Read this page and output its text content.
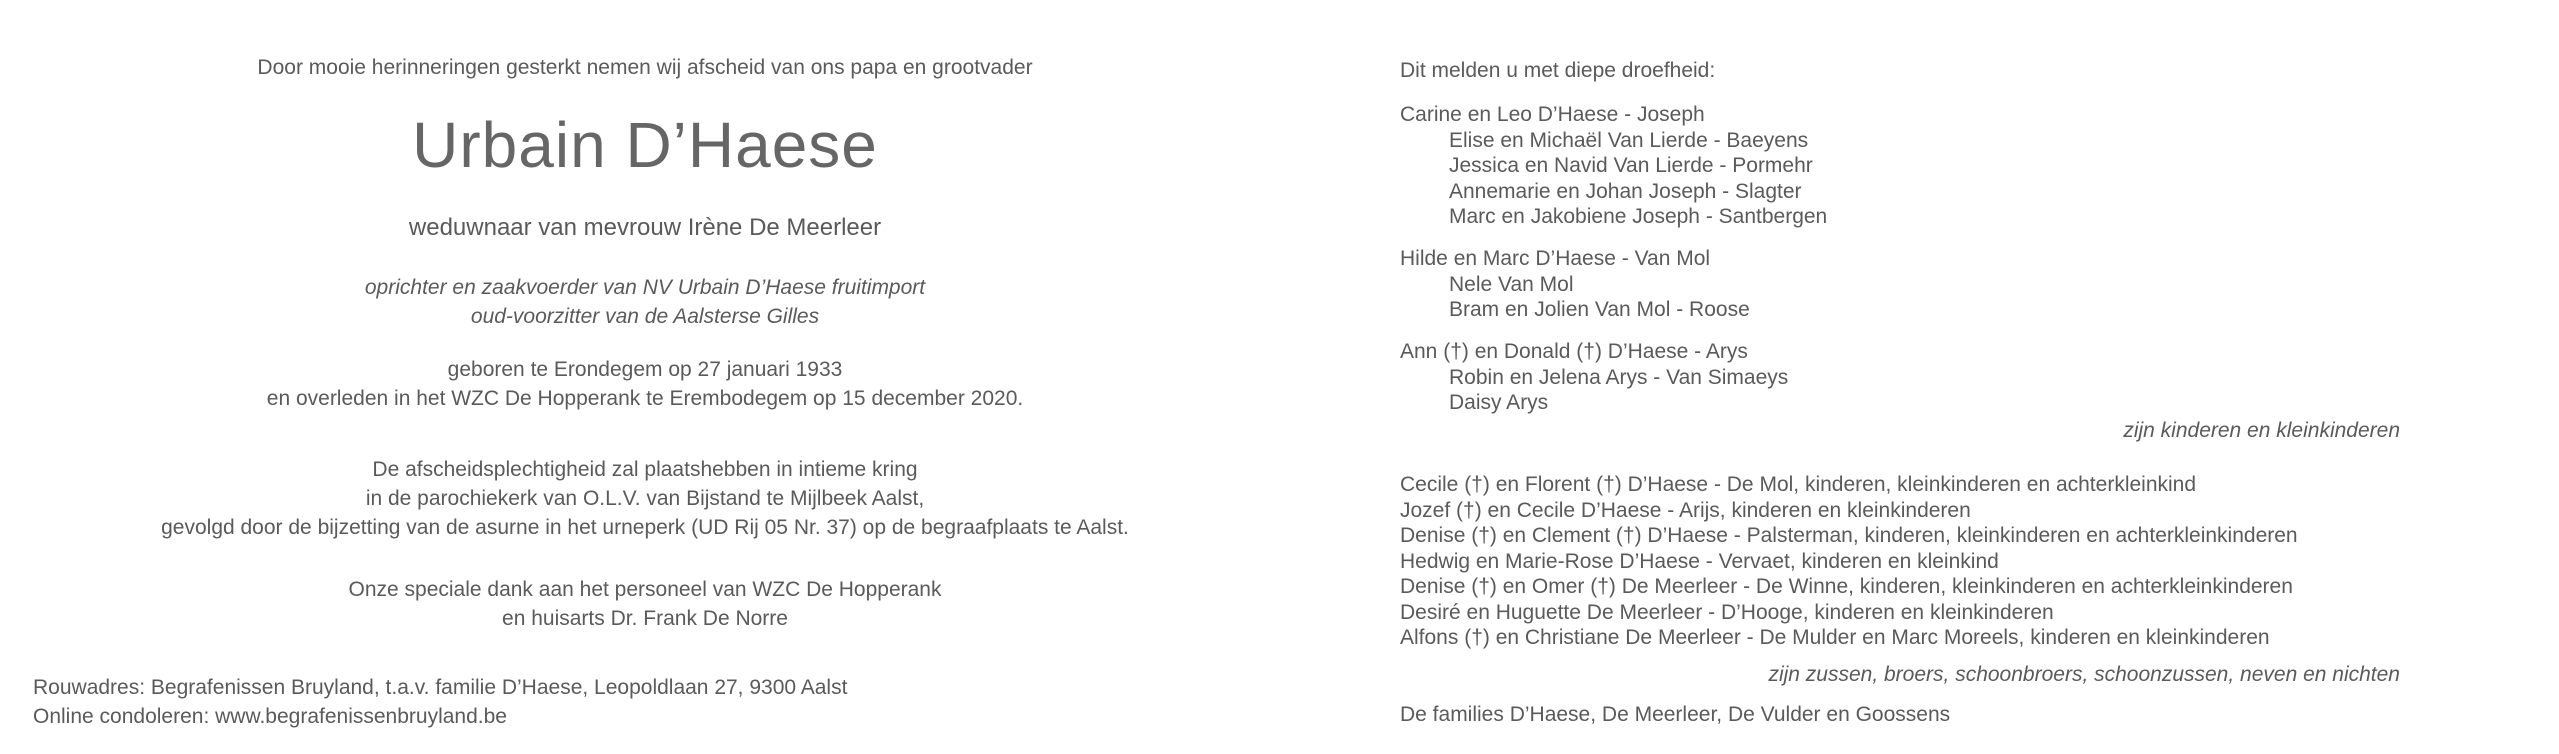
Door mooie herinneringen gesterkt nemen wij afscheid van ons papa en grootvader
Urbain D’Haese
weduwnaar van mevrouw Irène De Meerleer
oprichter en zaakvoerder van NV Urbain D’Haese fruitimport
oud-voorzitter van de Aalsterse Gilles
geboren te Erondegem op 27 januari 1933
en overleden in het WZC De Hopperank te Erembodegem op 15 december 2020.
De afscheidsplechtigheid zal plaatshebben in intieme kring
in de parochiekerk van O.L.V. van Bijstand te Mijlbeek Aalst,
gevolgd door de bijzetting van de asurne in het urneperk (UD Rij 05 Nr. 37) op de begraafplaats te Aalst.
Onze speciale dank aan het personeel van WZC De Hopperank
en huisarts Dr. Frank De Norre
Rouwadres: Begrafenissen Bruyland, t.a.v. familie D’Haese, Leopoldlaan 27, 9300 Aalst
Online condoleren: www.begrafenissenbruyland.be
Dit melden u met diepe droefheid:
Carine en Leo D’Haese - Joseph
Elise en Michaël Van Lierde - Baeyens
Jessica en Navid Van Lierde - Pormehr
Annemarie en Johan Joseph - Slagter
Marc en Jakobiene Joseph - Santbergen
Hilde en Marc D’Haese - Van Mol
Nele Van Mol
Bram en Jolien Van Mol - Roose
Ann (†) en Donald (†) D’Haese - Arys
Robin en Jelena Arys - Van Simaeys
Daisy Arys
zijn kinderen en kleinkinderen
Cecile (†) en Florent (†) D’Haese - De Mol, kinderen, kleinkinderen en achterkleinkind
Jozef (†) en Cecile D’Haese - Arijs, kinderen en kleinkinderen
Denise (†) en Clement (†) D’Haese - Palsterman, kinderen, kleinkinderen en achterkleinkinderen
Hedwig en Marie-Rose D’Haese - Vervaet, kinderen en kleinkind
Denise (†) en Omer (†) De Meerleer - De Winne, kinderen, kleinkinderen en achterkleinkinderen
Desiré en Huguette De Meerleer - D’Hooge, kinderen en kleinkinderen
Alfons (†) en Christiane De Meerleer - De Mulder en Marc Moreels, kinderen en kleinkinderen
zijn zussen, broers, schoonbroers, schoonzussen, neven en nichten
De families D’Haese, De Meerleer, De Vulder en Goossens
